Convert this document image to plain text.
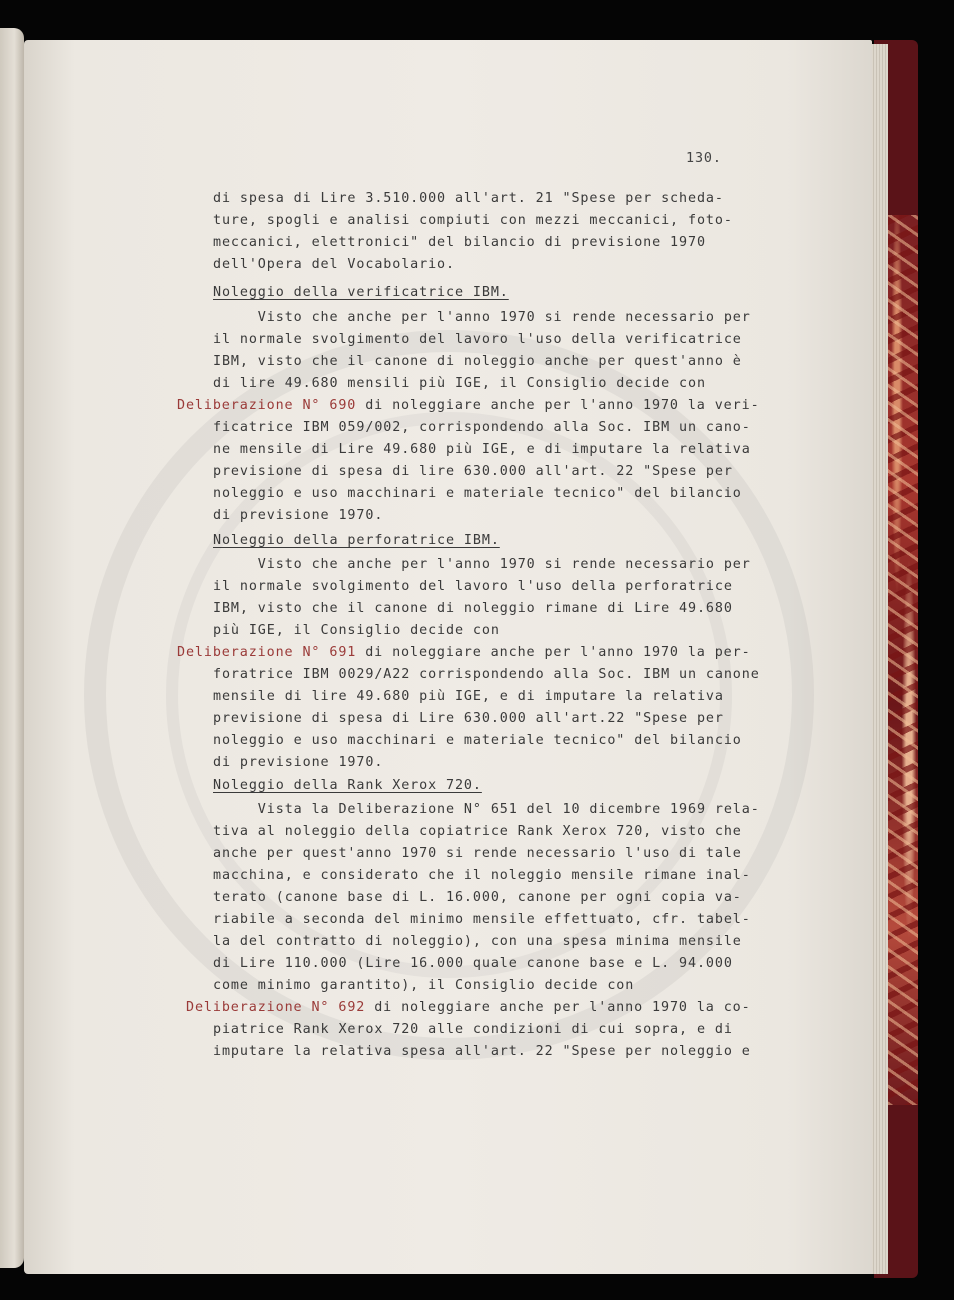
130.
di spesa di Lire 3.510.000 all'art. 21 "Spese per scheda-
ture, spogli e analisi compiuti con mezzi meccanici, foto-
meccanici, elettronici" del bilancio di previsione 1970
dell'Opera del Vocabolario.
Noleggio della verificatrice IBM.
Visto che anche per l'anno 1970 si rende necessario per
il normale svolgimento del lavoro l'uso della verificatrice
IBM, visto che il canone di noleggio anche per quest'anno è
di lire 49.680 mensili più IGE, il Consiglio decide con
Deliberazione N° 690 di noleggiare anche per l'anno 1970 la veri-
ficatrice IBM 059/002, corrispondendo alla Soc. IBM un cano-
ne mensile di Lire 49.680 più IGE, e di imputare la relativa
previsione di spesa di lire 630.000 all'art. 22 "Spese per
noleggio e uso macchinari e materiale tecnico" del bilancio
di previsione 1970.
Noleggio della perforatrice IBM.
Visto che anche per l'anno 1970 si rende necessario per
il normale svolgimento del lavoro l'uso della perforatrice
IBM, visto che il canone di noleggio rimane di Lire 49.680
più IGE, il Consiglio decide con
Deliberazione N° 691 di noleggiare anche per l'anno 1970 la per-
foratrice IBM 0029/A22 corrispondendo alla Soc. IBM un canone
mensile di lire 49.680 più IGE, e di imputare la relativa
previsione di spesa di Lire 630.000 all'art.22 "Spese per
noleggio e uso macchinari e materiale tecnico" del bilancio
di previsione 1970.
Noleggio della Rank Xerox 720.
Vista la Deliberazione N° 651 del 10 dicembre 1969 rela-
tiva al noleggio della copiatrice Rank Xerox 720, visto che
anche per quest'anno 1970 si rende necessario l'uso di tale
macchina, e considerato che il noleggio mensile rimane inal-
terato (canone base di L. 16.000, canone per ogni copia va-
riabile a seconda del minimo mensile effettuato, cfr. tabel-
la del contratto di noleggio), con una spesa minima mensile
di Lire 110.000 (Lire 16.000 quale canone base e L. 94.000
come minimo garantito), il Consiglio decide con
Deliberazione N° 692 di noleggiare anche per l'anno 1970 la co-
piatrice Rank Xerox 720 alle condizioni di cui sopra, e di
imputare la relativa spesa all'art. 22 "Spese per noleggio e
